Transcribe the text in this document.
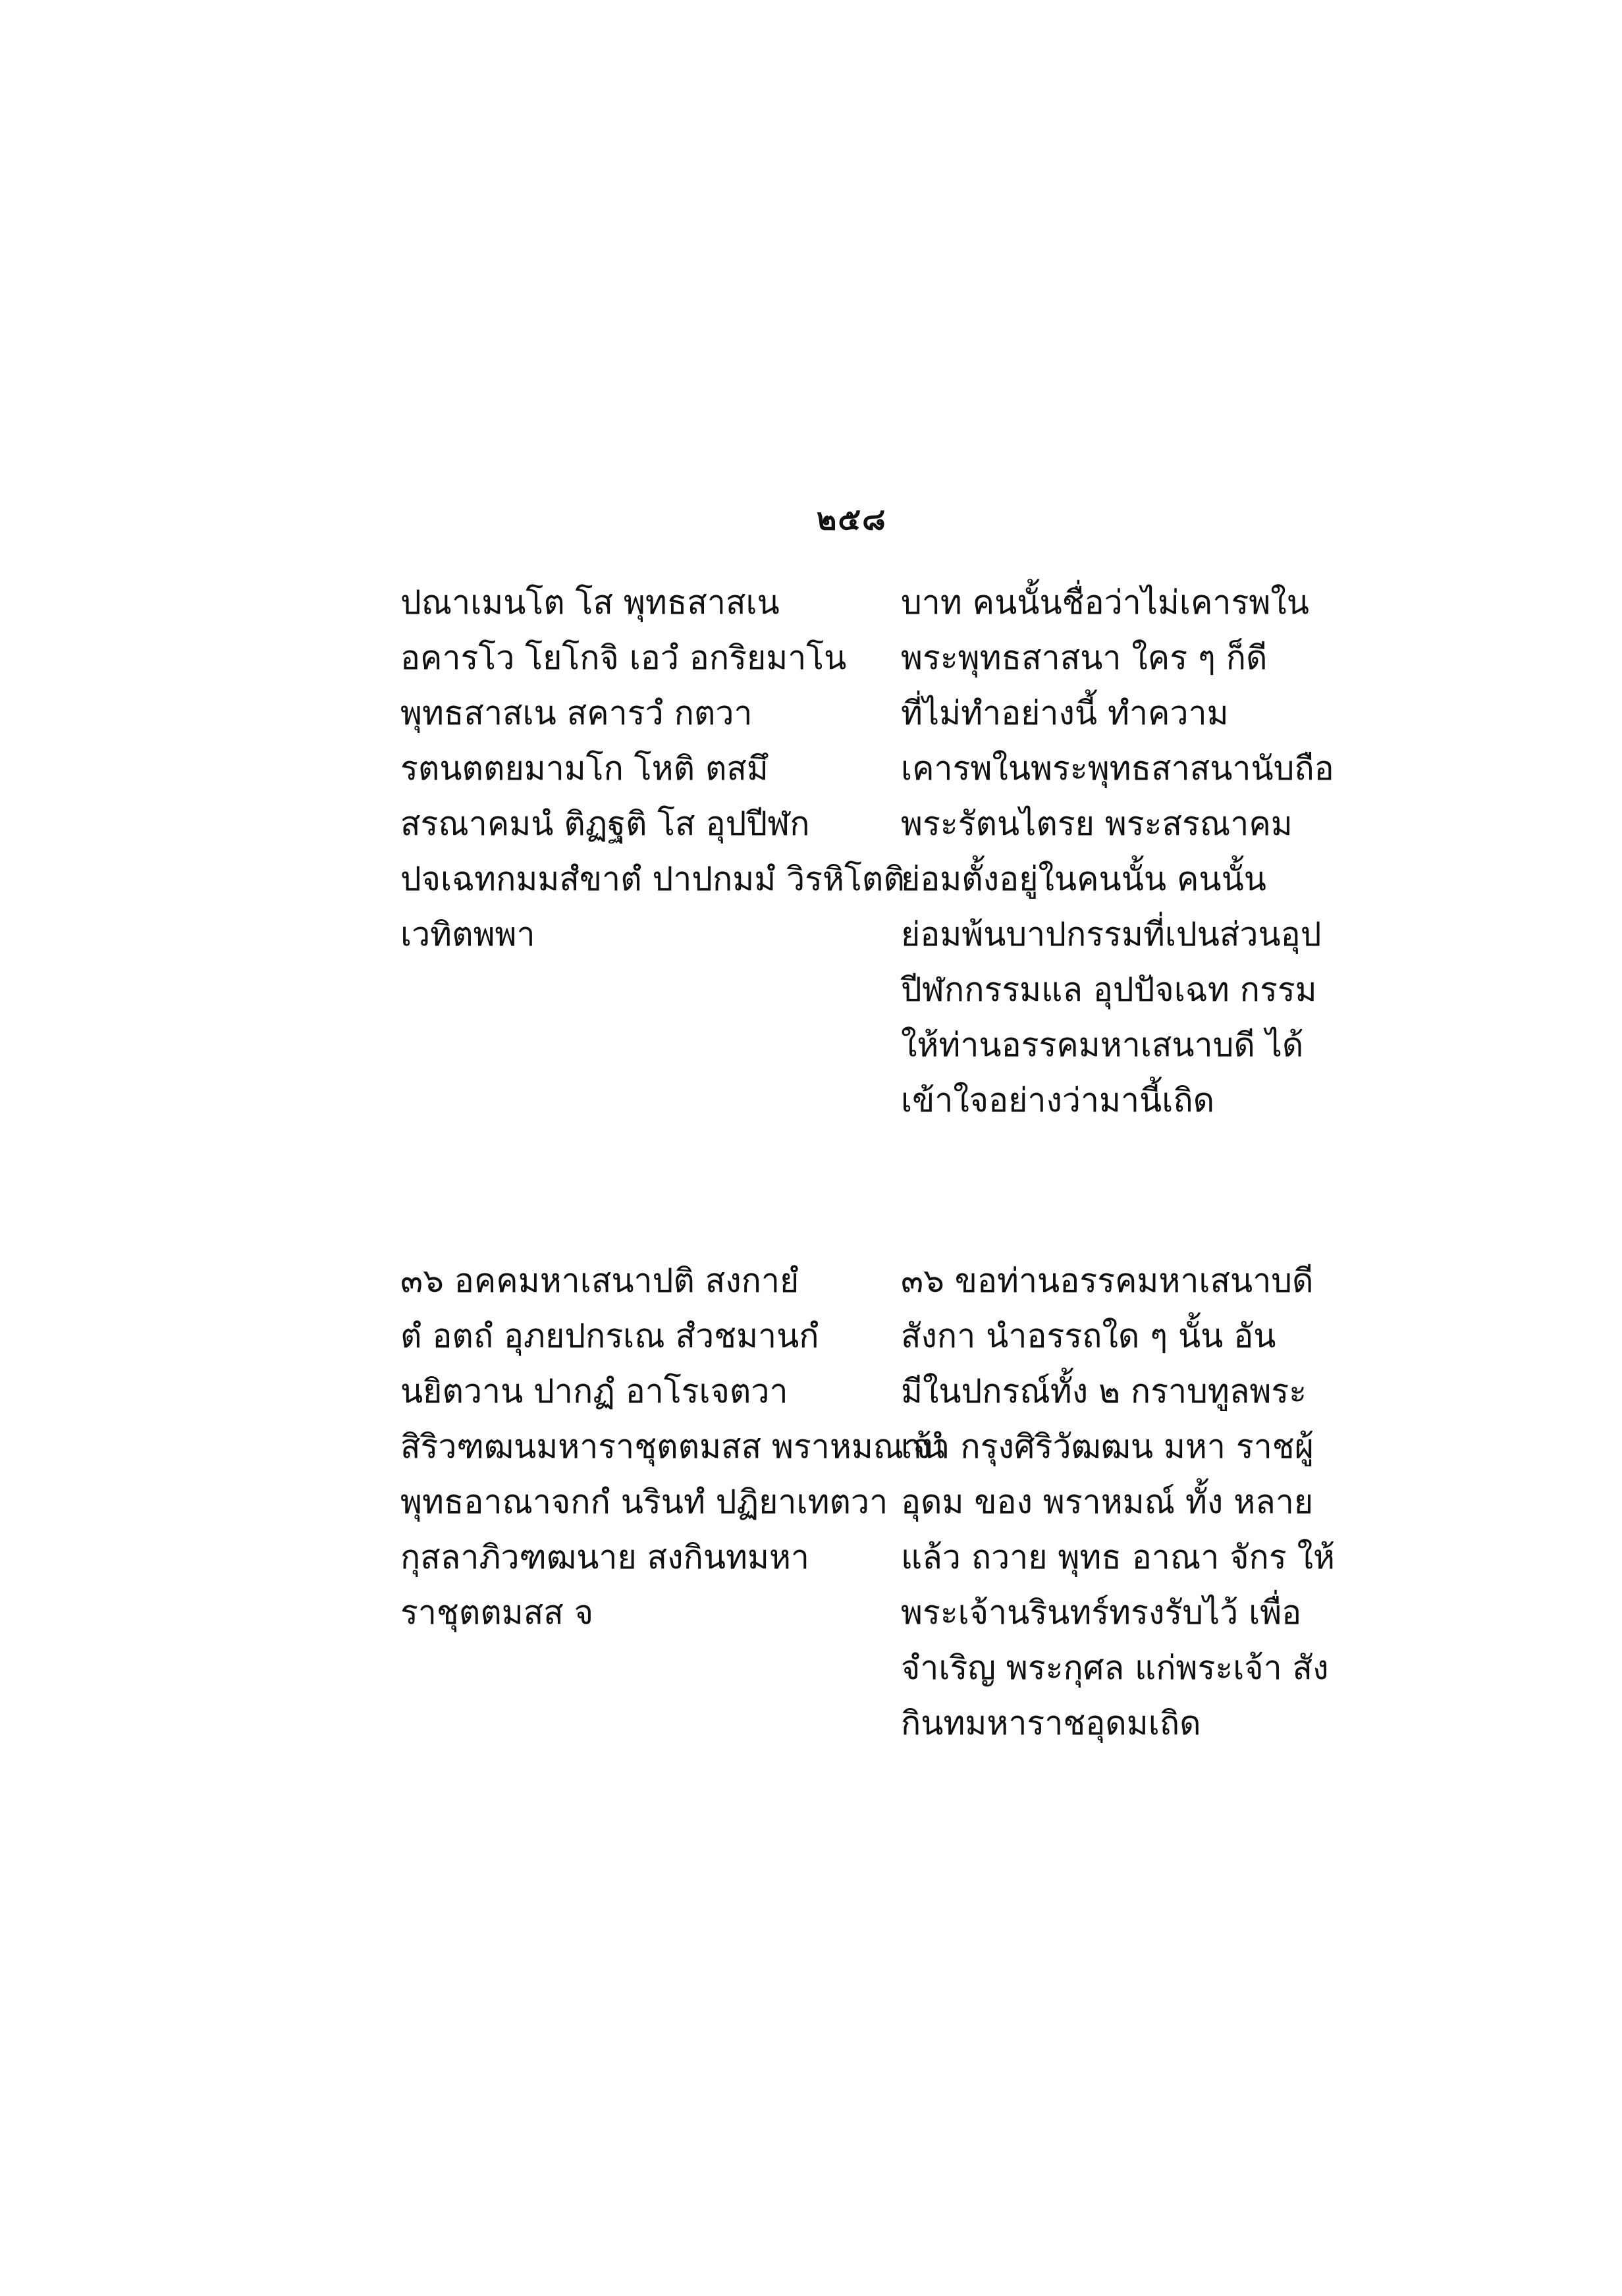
๒๕๘
ปณาเมนโต โส พุทธสาสเน
อคารโว โยโกจิ เอวํ อกริยมาโน
พุทธสาสเน สคารวํ กตวา
รตนตตยมามโก โหติ ตสมึ
สรณาคมนํ ติฏฐติ โส อุปปีฬก
ปจเฉทกมมสํขาตํ ปาปกมมํ วิรหิโตติ
เวทิตพพา
บาท คนนั้นชื่อว่าไม่เคารพใน
พระพุทธสาสนา ใคร ๆ ก็ดี
ที่ไม่ทำอย่างนี้ ทำความ
เคารพในพระพุทธสาสนานับถือ
พระรัตนไตรย พระสรณาคม
ย่อมตั้งอยู่ในคนนั้น คนนั้น
ย่อมพ้นบาปกรรมที่เปนส่วนอุป
ปีฬกกรรมแล อุปปัจเฉท กรรม
ให้ท่านอรรคมหาเสนาบดี ได้
เข้าใจอย่างว่ามานี้เถิด
๓๖ อคคมหาเสนาปติ สงกายํ
ตํ อตถํ อุภยปกรเณ สํวชมานกํ
นยิตวาน ปากฏํ อาโรเจตวา
สิริวฑฒนมหาราชุตตมสส พราหมณานํ
พุทธอาณาจกกํ นรินทํ ปฏิยาเทตวา
กุสลาภิวฑฒนาย สงกินทมหา
ราชุตตมสส จ
๓๖ ขอท่านอรรคมหาเสนาบดี
สังกา นำอรรถใด ๆ นั้น อัน
มีในปกรณ์ทั้ง ๒ กราบทูลพระ
เจ้า กรุงศิริวัฒฒน มหา ราชผู้
อุดม ของ พราหมณ์ ทั้ง หลาย
แล้ว ถวาย พุทธ อาณา จักร ให้
พระเจ้านรินทร์ทรงรับไว้ เพื่อ
จำเริญ พระกุศล แก่พระเจ้า สัง
กินทมหาราชอุดมเถิด
